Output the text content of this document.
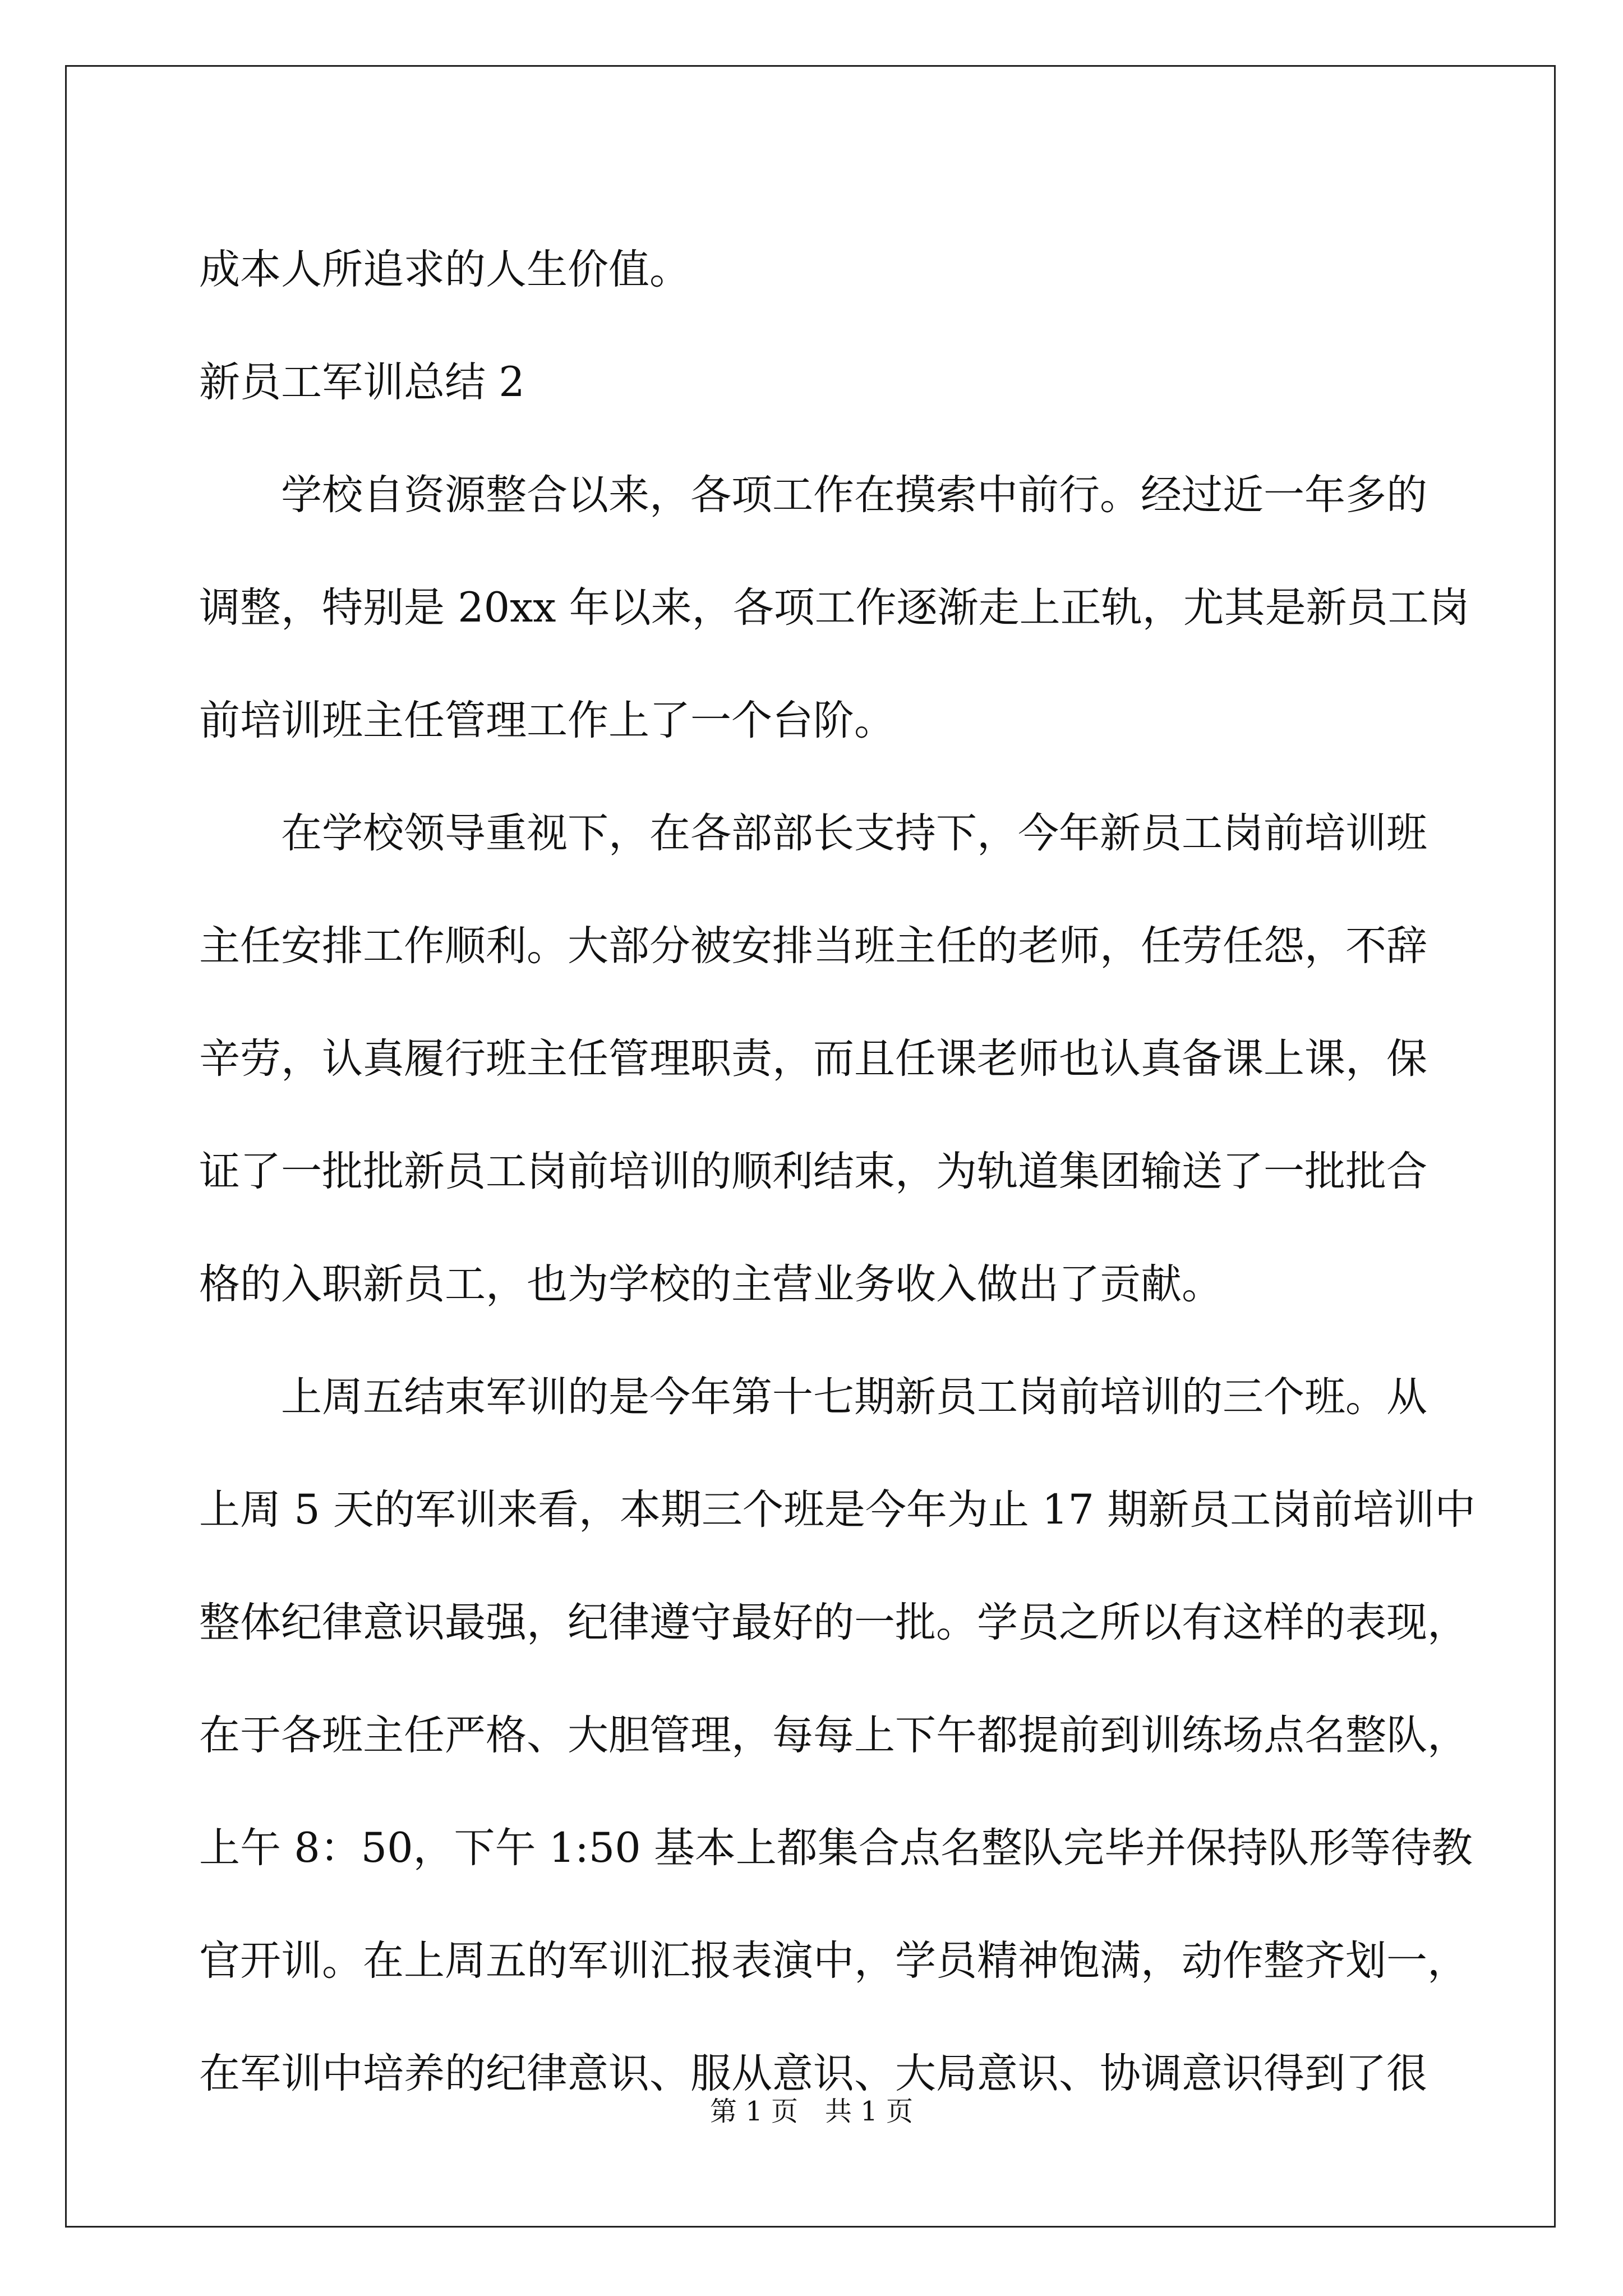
成本人所追求的人生价值。
新员工军训总结 2
学校自资源整合以来，各项工作在摸索中前行。经过近一年多的
调整，特别是 20xx 年以来，各项工作逐渐走上正轨，尤其是新员工岗
前培训班主任管理工作上了一个台阶。
在学校领导重视下，在各部部长支持下，今年新员工岗前培训班
主任安排工作顺利。大部分被安排当班主任的老师，任劳任怨，不辞
辛劳，认真履行班主任管理职责，而且任课老师也认真备课上课，保
证了一批批新员工岗前培训的顺利结束，为轨道集团输送了一批批合
格的入职新员工，也为学校的主营业务收入做出了贡献。
上周五结束军训的是今年第十七期新员工岗前培训的三个班。从
上周 5 天的军训来看，本期三个班是今年为止 17 期新员工岗前培训中
整体纪律意识最强，纪律遵守最好的一批。学员之所以有这样的表现，
在于各班主任严格、大胆管理，每每上下午都提前到训练场点名整队，
上午 8：50，下午 1:50 基本上都集合点名整队完毕并保持队形等待教
官开训。在上周五的军训汇报表演中，学员精神饱满，动作整齐划一，
在军训中培养的纪律意识、服从意识、大局意识、协调意识得到了很
第 1 页 共 1 页
